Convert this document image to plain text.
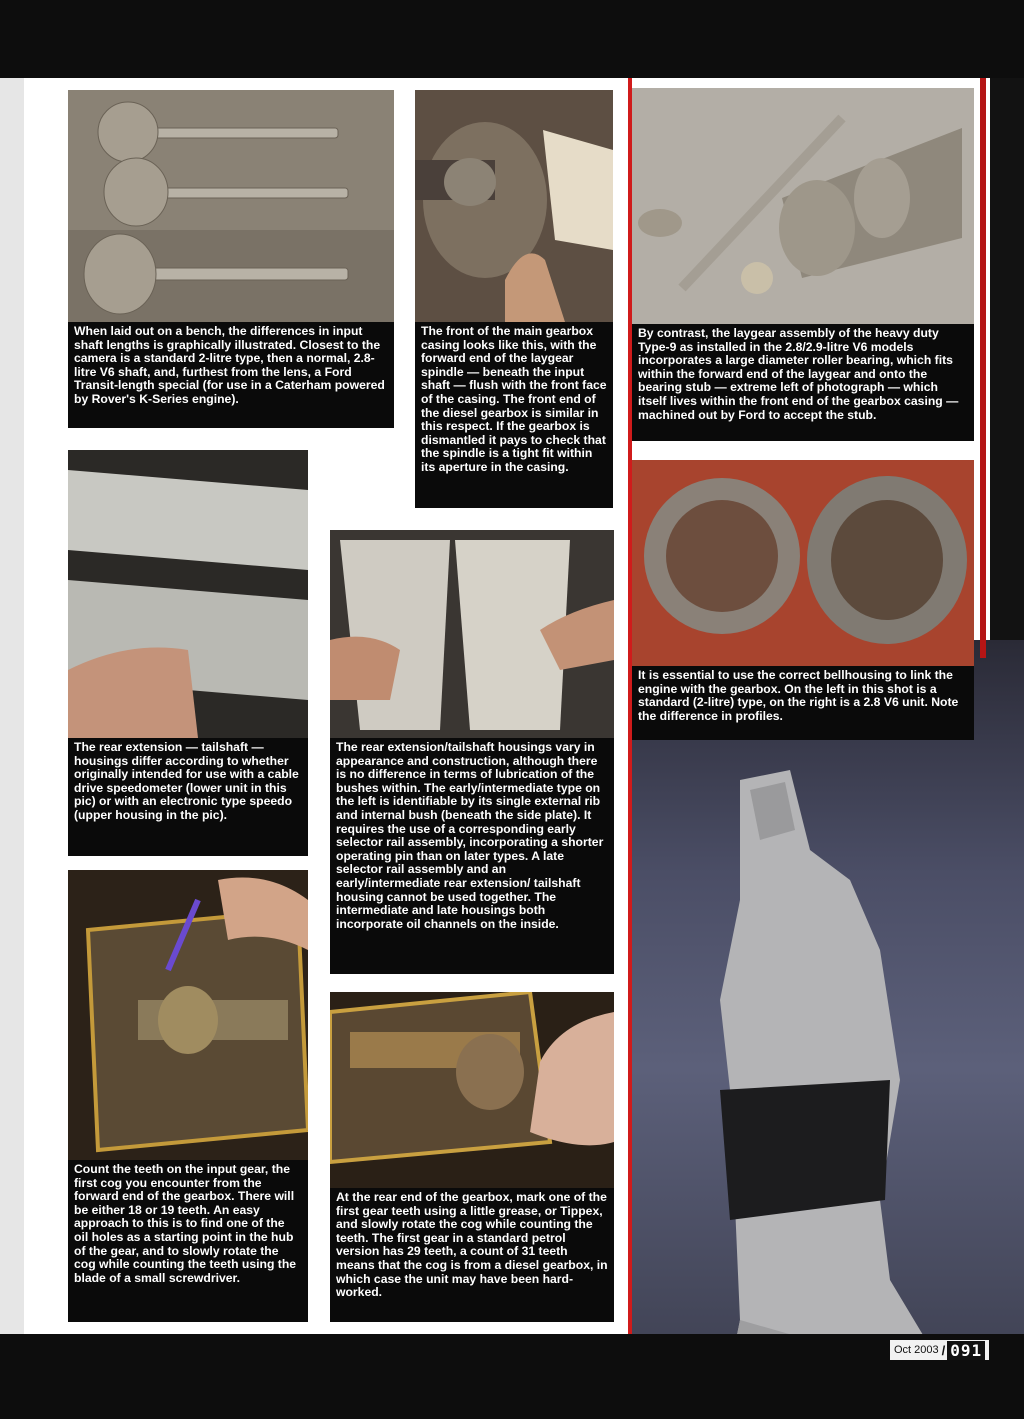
When laid out on a bench, the differences in input shaft lengths is graphically illustrated. Closest to the camera is a standard 2-litre type, then a normal, 2.8-litre V6 shaft, and, furthest from the lens, a Ford Transit-length special (for use in a Caterham powered by Rover's K-Series engine).
The front of the main gearbox casing looks like this, with the forward end of the laygear spindle — beneath the input shaft — flush with the front face of the casing. The front end of the diesel gearbox is similar in this respect. If the gearbox is dismantled it pays to check that the spindle is a tight fit within its aperture in the casing.
By contrast, the laygear assembly of the heavy duty Type-9 as installed in the 2.8/2.9-litre V6 models incorporates a large diameter roller bearing, which fits within the forward end of the laygear and onto the bearing stub — extreme left of photograph — which itself lives within the front end of the gearbox casing — machined out by Ford to accept the stub.
It is essential to use the correct bellhousing to link the engine with the gearbox. On the left in this shot is a standard (2-litre) type, on the right is a 2.8 V6 unit. Note the difference in profiles.
The rear extension — tailshaft — housings differ according to whether originally intended for use with a cable drive speedometer (lower unit in this pic) or with an electronic type speedo (upper housing in the pic).
The rear extension/tailshaft housings vary in appearance and construction, although there is no difference in terms of lubrication of the bushes within. The early/intermediate type on the left is identifiable by its single external rib and internal bush (beneath the side plate). It requires the use of a corresponding early selector rail assembly, incorporating a shorter operating pin than on later types. A late selector rail assembly and an early/intermediate rear extension/ tailshaft housing cannot be used together. The intermediate and late housings both incorporate oil channels on the inside.
Count the teeth on the input gear, the first cog you encounter from the forward end of the gearbox. There will be either 18 or 19 teeth. An easy approach to this is to find one of the oil holes as a starting point in the hub of the gear, and to slowly rotate the cog while counting the teeth using the blade of a small screwdriver.
At the rear end of the gearbox, mark one of the first gear teeth using a little grease, or Tippex, and slowly rotate the cog while counting the teeth. The first gear in a standard petrol version has 29 teeth, a count of 31 teeth means that the cog is from a diesel gearbox, in which case the unit may have been hard-worked.
Oct 2003 / 091
